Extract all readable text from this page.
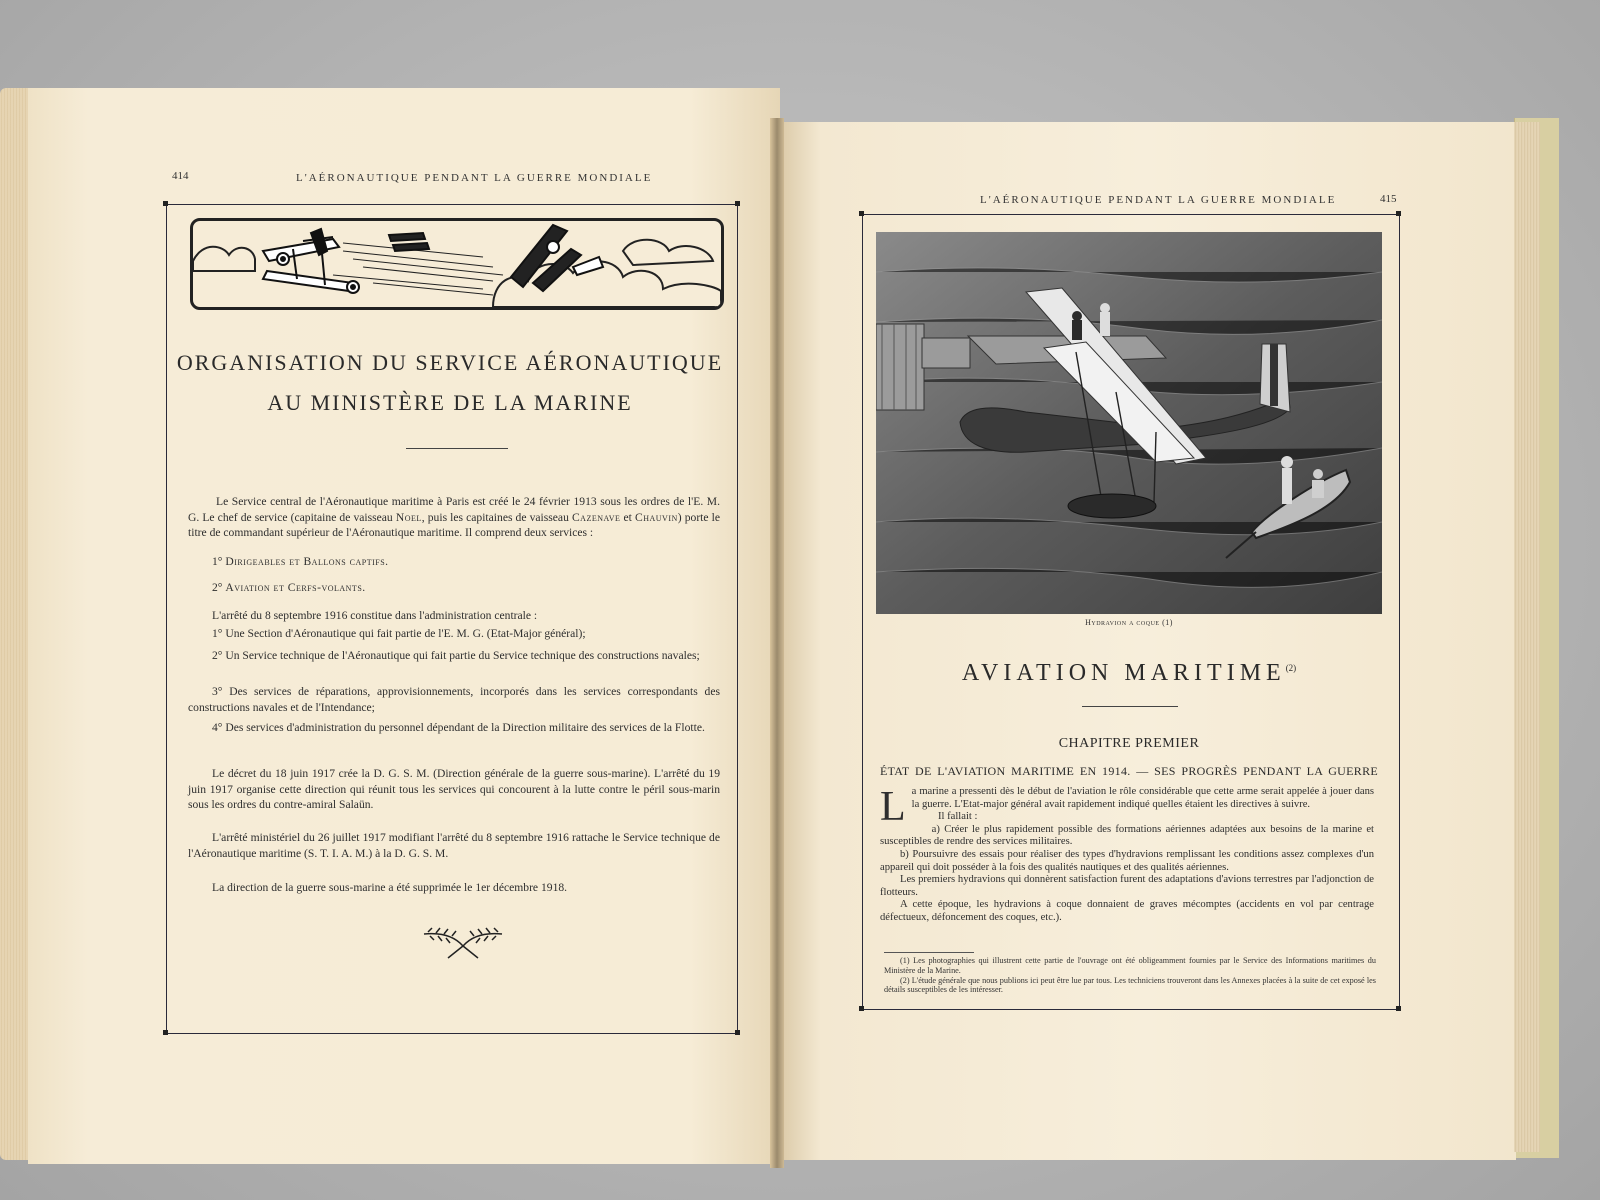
414	L'AÉRONAUTIQUE PENDANT LA GUERRE MONDIALE
ORGANISATION DU SERVICE AÉRONAUTIQUE
AU MINISTÈRE DE LA MARINE

Le Service central de l'Aéronautique maritime à Paris est créé le 24 février 1913 sous les ordres de l'E. M. G. Le chef de service (capitaine de vaisseau Noel, puis les capitaines de vaisseau Cazenave et Chauvin) porte le titre de commandant supérieur de l'Aéronautique maritime. Il comprend deux services :

1° Dirigeables et Ballons captifs.
2° Aviation et Cerfs-volants.

L'arrêté du 8 septembre 1916 constitue dans l'administration centrale :

1° Une Section d'Aéronautique qui fait partie de l'E. M. G. (Etat-Major général);

2° Un Service technique de l'Aéronautique qui fait partie du Service technique des constructions navales;

3° Des services de réparations, approvisionnements, incorporés dans les services correspondants des constructions navales et de l'Intendance;

4° Des services d'administration du personnel dépendant de la Direction militaire des services de la Flotte.

Le décret du 18 juin 1917 crée la D. G. S. M. (Direction générale de la guerre sous-marine). L'arrêté du 19 juin 1917 organise cette direction qui réunit tous les services qui concourent à la lutte contre le péril sous-marin sous les ordres du contre-amiral Salaün.

L'arrêté ministériel du 26 juillet 1917 modifiant l'arrêté du 8 septembre 1916 rattache le Service technique de l'Aéronautique maritime (S. T. I. A. M.) à la D. G. S. M.

La direction de la guerre sous-marine a été supprimée le 1er décembre 1918.

L'AÉRONAUTIQUE PENDANT LA GUERRE MONDIALE	415
Hydravion a coque (1)
AVIATION MARITIME$^{(2)}$
CHAPITRE PREMIER
ÉTAT DE L'AVIATION MARITIME EN 1914. — SES PROGRÈS PENDANT LA GUERRE

La marine a pressenti dès le début de l'aviation le rôle considérable que cette arme serait appelée à jouer dans la guerre. L'Etat-major général avait rapidement indiqué quelles étaient les directives à suivre.

Il fallait :

a) Créer le plus rapidement possible des formations aériennes adaptées aux besoins de la marine et susceptibles de rendre des services militaires.

b) Poursuivre des essais pour réaliser des types d'hydravions remplissant les conditions assez complexes d'un appareil qui doit posséder à la fois des qualités nautiques et des qualités aériennes.

Les premiers hydravions qui donnèrent satisfaction furent des adaptations d'avions terrestres par l'adjonction de flotteurs.

A cette époque, les hydravions à coque donnaient de graves mécomptes (accidents en vol par centrage défectueux, défoncement des coques, etc.).

(1) Les photographies qui illustrent cette partie de l'ouvrage ont été obligeamment fournies par le Service des Informations maritimes du Ministère de la Marine.

(2) L'étude générale que nous publions ici peut être lue par tous. Les techniciens trouveront dans les Annexes placées à la suite de cet exposé les détails susceptibles de les intéresser.
